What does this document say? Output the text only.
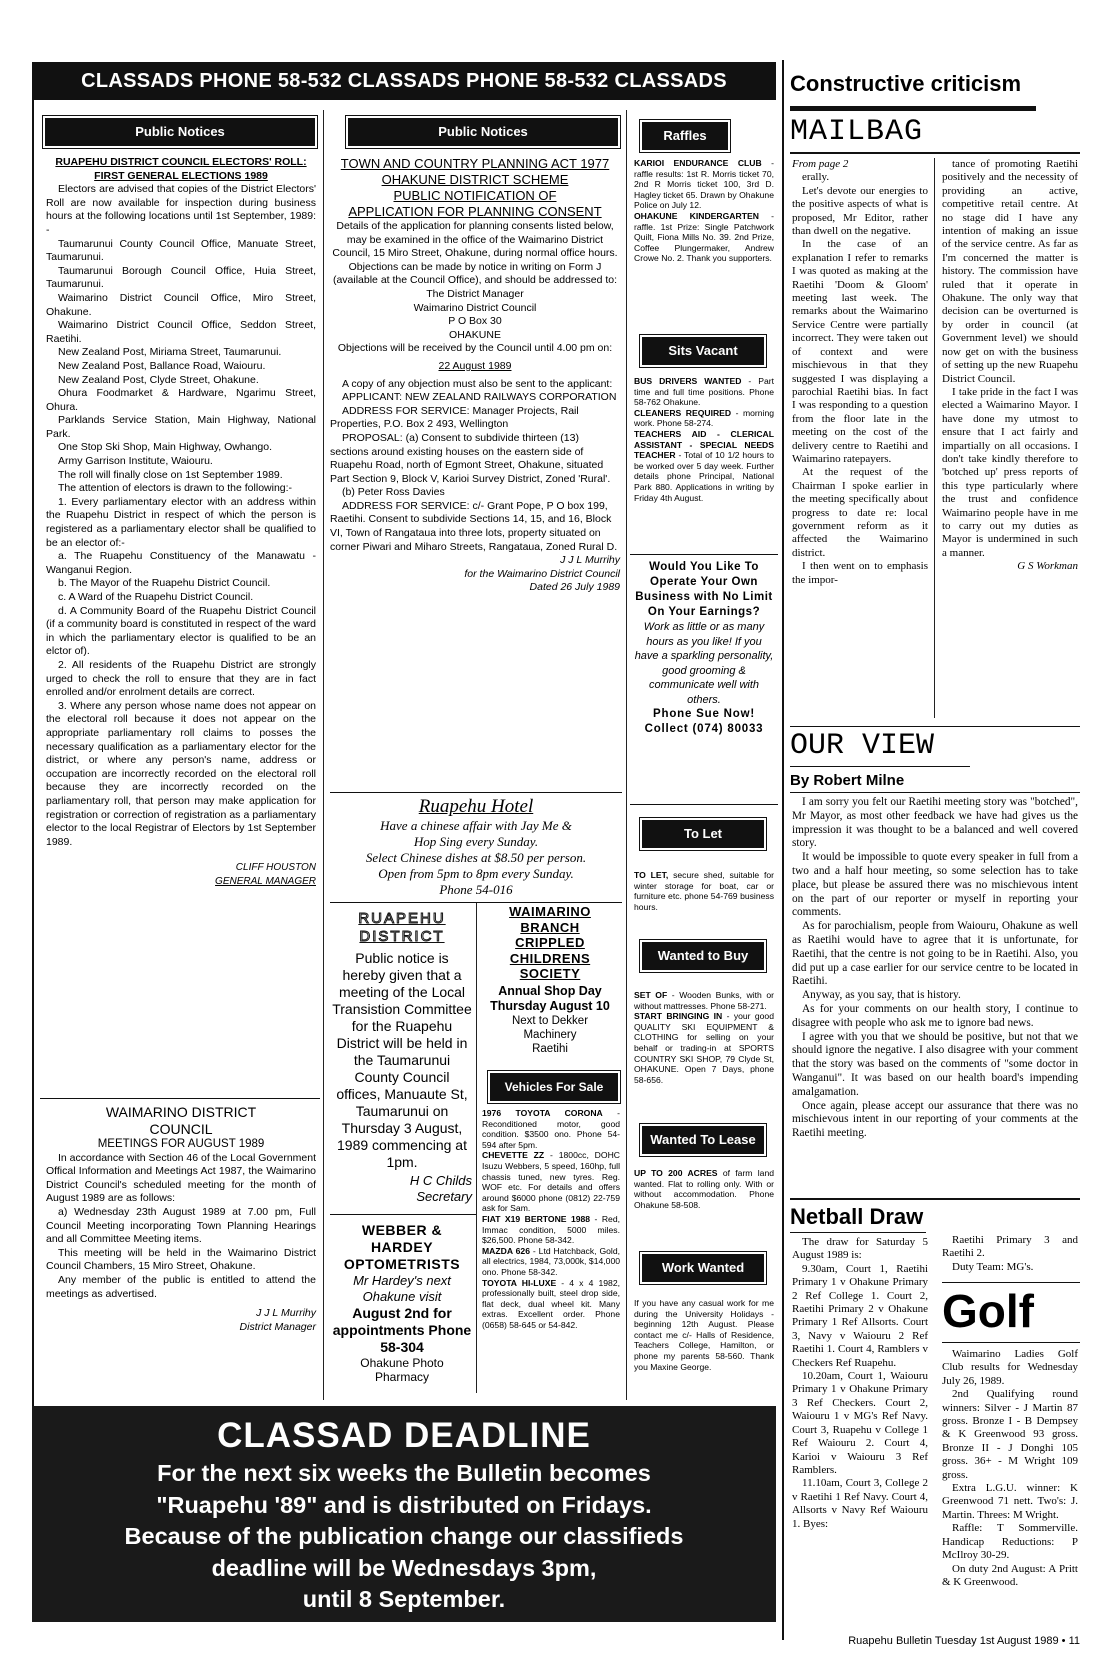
CLASSADS PHONE 58-532 CLASSADS PHONE 58-532 CLASSADS
Public Notices
RUAPEHU DISTRICT COUNCIL ELECTORS' ROLL:
FIRST GENERAL ELECTIONS 1989
Electors are advised that copies of the District Electors' Roll are now available for inspection during business hours at the following locations until 1st September, 1989: -
Taumarunui County Council Office, Manuate Street, Taumarunui.
Taumarunui Borough Council Office, Huia Street, Taumarunui.
Waimarino District Council Office, Miro Street, Ohakune.
Waimarino District Council Office, Seddon Street, Raetihi.
New Zealand Post, Miriama Street, Taumarunui.
New Zealand Post, Ballance Road, Waiouru.
New Zealand Post, Clyde Street, Ohakune.
Ohura Foodmarket & Hardware, Ngarimu Street, Ohura.
Parklands Service Station, Main Highway, National Park.
One Stop Ski Shop, Main Highway, Owhango.
Army Garrison Institute, Waiouru.
The roll will finally close on 1st September 1989.
The attention of electors is drawn to the following:-
1. Every parliamentary elector with an address within the Ruapehu District in respect of which the person is registered as a parliamentary elector shall be qualified to be an elector of:-
a. The Ruapehu Constituency of the Manawatu - Wanganui Region.
b. The Mayor of the Ruapehu District Council.
c. A Ward of the Ruapehu District Council.
d. A Community Board of the Ruapehu District Council (if a community board is constituted in respect of the ward in which the parliamentary elector is qualified to be an elctor of).
2. All residents of the Ruapehu District are strongly urged to check the roll to ensure that they are in fact enrolled and/or enrolment details are correct.
3. Where any person whose name does not appear on the electoral roll because it does not appear on the appropriate parliamentary roll claims to posses the necessary qualification as a parliamentary elector for the district, or where any person's name, address or occupation are incorrectly recorded on the electoral roll because they are incorrectly recorded on the parliamentary roll, that person may make application for registration or correction of registration as a parliamentary elector to the local Registrar of Electors by 1st September 1989.
CLIFF HOUSTON
GENERAL MANAGER
WAIMARINO DISTRICT COUNCIL
MEETINGS FOR AUGUST 1989
In accordance with Section 46 of the Local Government Offical Information and Meetings Act 1987, the Waimarino District Council's scheduled meeting for the month of August 1989 are as follows:
a) Wednesday 23th August 1989 at 7.00 pm, Full Council Meeting incorporating Town Planning Hearings and all Committee Meeting items.
This meeting will be held in the Waimarino District Council Chambers, 15 Miro Street, Ohakune.
Any member of the public is entitled to attend the meetings as advertised.
J J L Murrihy
District Manager
Public Notices
TOWN AND COUNTRY PLANNING ACT 1977
OHAKUNE DISTRICT SCHEME
PUBLIC NOTIFICATION OF
APPLICATION FOR PLANNING CONSENT
Details of the application for planning consents listed below, may be examined in the office of the Waimarino District Council, 15 Miro Street, Ohakune, during normal office hours. Objections can be made by notice in writing on Form J (available at the Council Office), and should be addressed to:
The District Manager
Waimarino District Council
P O Box 30
OHAKUNE
Objections will be received by the Council until 4.00 pm on:
22 August 1989
A copy of any objection must also be sent to the applicant:
APPLICANT: NEW ZEALAND RAILWAYS CORPORATION
ADDRESS FOR SERVICE: Manager Projects, Rail Properties, P.O. Box 2 493, Wellington
PROPOSAL: (a) Consent to subdivide thirteen (13) sections around existing houses on the eastern side of Ruapehu Road, north of Egmont Street, Ohakune, situated Part Section 9, Block V, Karioi Survey District, Zoned 'Rural'.
(b) Peter Ross Davies
ADDRESS FOR SERVICE: c/- Grant Pope, P O box 199, Raetihi. Consent to subdivide Sections 14, 15, and 16, Block VI, Town of Rangataua into three lots, property situated on corner Piwari and Miharo Streets, Rangataua, Zoned Rural D.
J J L Murrihy
for the Waimarino District Council
Dated 26 July 1989
Ruapehu Hotel
Have a chinese affair with Jay Me &
Hop Sing every Sunday.
Select Chinese dishes at $8.50 per person.
Open from 5pm to 8pm every Sunday.
Phone 54-016
RUAPEHU
DISTRICT
Public notice is hereby given that a meeting of the Local Transistion Committee for the Ruapehu District will be held in the Taumarunui County Council offices, Manuaute St, Taumarunui on Thursday 3 August, 1989 commencing at 1pm.
H C Childs
Secretary
WEBBER & HARDEY OPTOMETRISTS
Mr Hardey's next Ohakune visit
August 2nd for appointments Phone 58-304
Ohakune Photo Pharmacy
WAIMARINO
BRANCH
CRIPPLED
CHILDRENS
SOCIETY
Annual Shop Day Thursday August 10
Next to Dekker
Machinery
Raetihi
Vehicles For Sale
1976 TOYOTA CORONA - Reconditioned motor, good condition. $3500 ono. Phone 54-594 after 5pm.
CHEVETTE ZZ - 1800cc, DOHC Isuzu Webbers, 5 speed, 160hp, full chassis tuned, new tyres. Reg. WOF etc. For details and offers around $6000 phone (0812) 22-759 ask for Sam.
FIAT X19 BERTONE 1988 - Red, Immac condition, 5000 miles. $26,500. Phone 58-342.
MAZDA 626 - Ltd Hatchback, Gold, all electrics, 1984, 73,000k, $14,000 ono. Phone 58-342.
TOYOTA HI-LUXE - 4 x 4 1982, professionally built, steel drop side, flat deck, dual wheel kit. Many extras. Excellent order. Phone (0658) 58-645 or 54-842.
Raffles
KARIOI ENDURANCE CLUB - raffle results: 1st R. Morris ticket 70, 2nd R Morris ticket 100, 3rd D. Hagley ticket 65. Drawn by Ohakune Police on July 12.
OHAKUNE KINDERGARTEN - raffle. 1st Prize: Single Patchwork Quilt, Fiona Mills No. 39. 2nd Prize, Coffee Plungermaker, Andrew Crowe No. 2. Thank you supporters.
Sits Vacant
BUS DRIVERS WANTED - Part time and full time positions. Phone 58-762 Ohakune.
CLEANERS REQUIRED - morning work. Phone 58-274.
TEACHERS AID - CLERICAL ASSISTANT - SPECIAL NEEDS TEACHER - Total of 10 1/2 hours to be worked over 5 day week. Further details phone Principal, National Park 880. Applications in writing by Friday 4th August.
Would You Like To Operate Your Own Business with No Limit On Your Earnings?
Work as little or as many hours as you like! If you have a sparkling personality, good grooming & communicate well with others.
Phone Sue Now! Collect (074) 80033
To Let
TO LET, secure shed, suitable for winter storage for boat, car or furniture etc. phone 54-769 business hours.
Wanted to Buy
SET OF - Wooden Bunks, with or without mattresses. Phone 58-271.
START BRINGING IN - your good QUALITY SKI EQUIPMENT & CLOTHING for selling on your behalf or trading-in at SPORTS COUNTRY SKI SHOP, 79 Clyde St, OHAKUNE. Open 7 Days, phone 58-656.
Wanted To Lease
UP TO 200 ACRES of farm land wanted. Flat to rolling only. With or without accommodation. Phone Ohakune 58-508.
Work Wanted
If you have any casual work for me during the University Holidays - beginning 12th August. Please contact me c/- Halls of Residence, Teachers College, Hamilton, or phone my parents 58-560. Thank you Maxine George.
CLASSAD DEADLINE
For the next six weeks the Bulletin becomes
"Ruapehu '89" and is distributed on Fridays.
Because of the publication change our classifieds
deadline will be Wednesdays 3pm,
until 8 September.
Constructive criticism
MAILBAG
From page 2
erally.
Let's devote our energies to the positive aspects of what is proposed, Mr Editor, rather than dwell on the negative.
In the case of an explanation I refer to remarks I was quoted as making at the Raetihi 'Doom & Gloom' meeting last week. The remarks about the Waimarino Service Centre were partially incorrect. They were taken out of context and were mischievous in that they suggested I was displaying a parochial Raetihi bias. In fact I was responding to a question from the floor late in the meeting on the cost of the delivery centre to Raetihi and Waimarino ratepayers.
At the request of the Chairman I spoke earlier in the meeting specifically about progress to date re: local government reform as it affected the Waimarino district.
I then went on to emphasis the impor-
tance of promoting Raetihi positively and the necessity of providing an active, competitive retail centre. At no stage did I have any intention of making an issue of the service centre. As far as I'm concerned the matter is history. The commission have ruled that it operate in Ohakune. The only way that decision can be overturned is by order in council (at Government level) we should now get on with the business of setting up the new Ruapehu District Council.
I take pride in the fact I was elected a Waimarino Mayor. I have done my utmost to ensure that I act fairly and impartially on all occasions. I don't take kindly therefore to 'botched up' press reports of this type particularly where the trust and confidence Waimarino people have in me to carry out my duties as Mayor is undermined in such a manner.
G S Workman
OUR VIEW
By Robert Milne
I am sorry you felt our Raetihi meeting story was "botched", Mr Mayor, as most other feedback we have had gives us the impression it was thought to be a balanced and well covered story.
It would be impossible to quote every speaker in full from a two and a half hour meeting, so some selection has to take place, but please be assured there was no mischievous intent on the part of our reporter or myself in reporting your comments.
As for parochialism, people from Waiouru, Ohakune as well as Raetihi would have to agree that it is unfortunate, for Raetihi, that the centre is not going to be in Raetihi. Also, you did put up a case earlier for our service centre to be located in Raetihi.
Anyway, as you say, that is history.
As for your comments on our health story, I continue to disagree with people who ask me to ignore bad news.
I agree with you that we should be positive, but not that we should ignore the negative. I also disagree with your comment that the story was based on the comments of "some doctor in Wanganui". It was based on our health board's impending amalgamation.
Once again, please accept our assurance that there was no mischievous intent in our reporting of your comments at the Raetihi meeting.
Netball Draw
The draw for Saturday 5 August 1989 is:
9.30am, Court 1, Raetihi Primary 1 v Ohakune Primary 2 Ref College 1. Court 2, Raetihi Primary 2 v Ohakune Primary 1 Ref Allsorts. Court 3, Navy v Waiouru 2 Ref Raetihi 1. Court 4, Ramblers v Checkers Ref Ruapehu.
10.20am, Court 1, Waiouru Primary 1 v Ohakune Primary 3 Ref Checkers. Court 2, Waiouru 1 v MG's Ref Navy. Court 3, Ruapehu v College 1 Ref Waiouru 2. Court 4, Karioi v Waiouru 3 Ref Ramblers.
11.10am, Court 3, College 2 v Raetihi 1 Ref Navy. Court 4, Allsorts v Navy Ref Waiouru 1. Byes:
Raetihi Primary 3 and Raetihi 2.
Duty Team: MG's.
Golf
Waimarino Ladies Golf Club results for Wednesday July 26, 1989.
2nd Qualifying round winners: Silver - J Martin 87 gross. Bronze I - B Dempsey & K Greenwood 93 gross. Bronze II - J Donghi 105 gross. 36+ - M Wright 109 gross.
Extra L.G.U. winner: K Greenwood 71 nett. Two's: J. Martin. Threes: M Wright.
Raffle: T Sommerville. Handicap Reductions: P McIlroy 30-29.
On duty 2nd August: A Pritt & K Greenwood.
Ruapehu Bulletin Tuesday 1st August 1989 • 11
